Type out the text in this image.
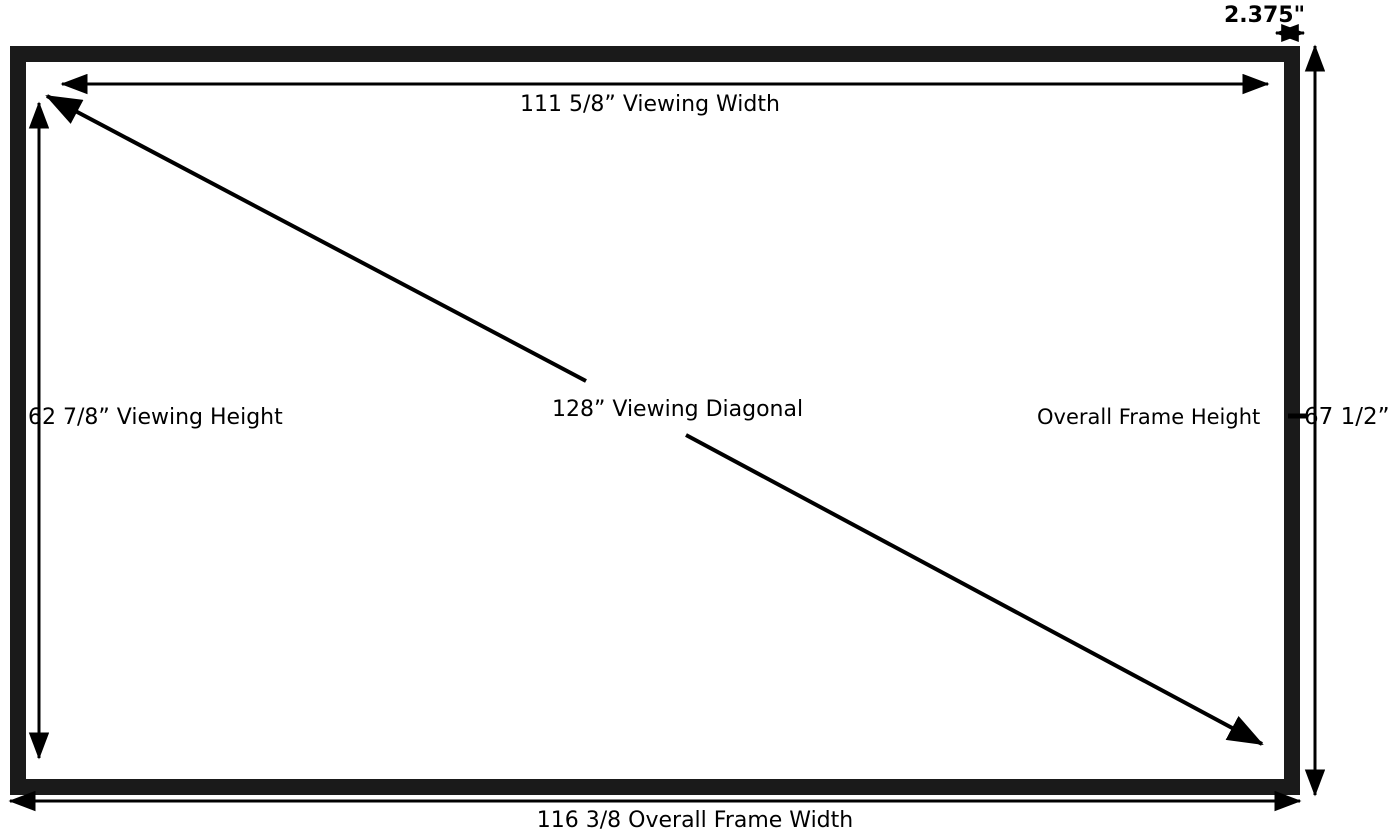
111 5/8” Viewing Width
62 7/8” Viewing Height	128” Viewing Diagonal	Overall Frame Height 67 1/2”
116 3/8 Overall Frame Width
2.375"
